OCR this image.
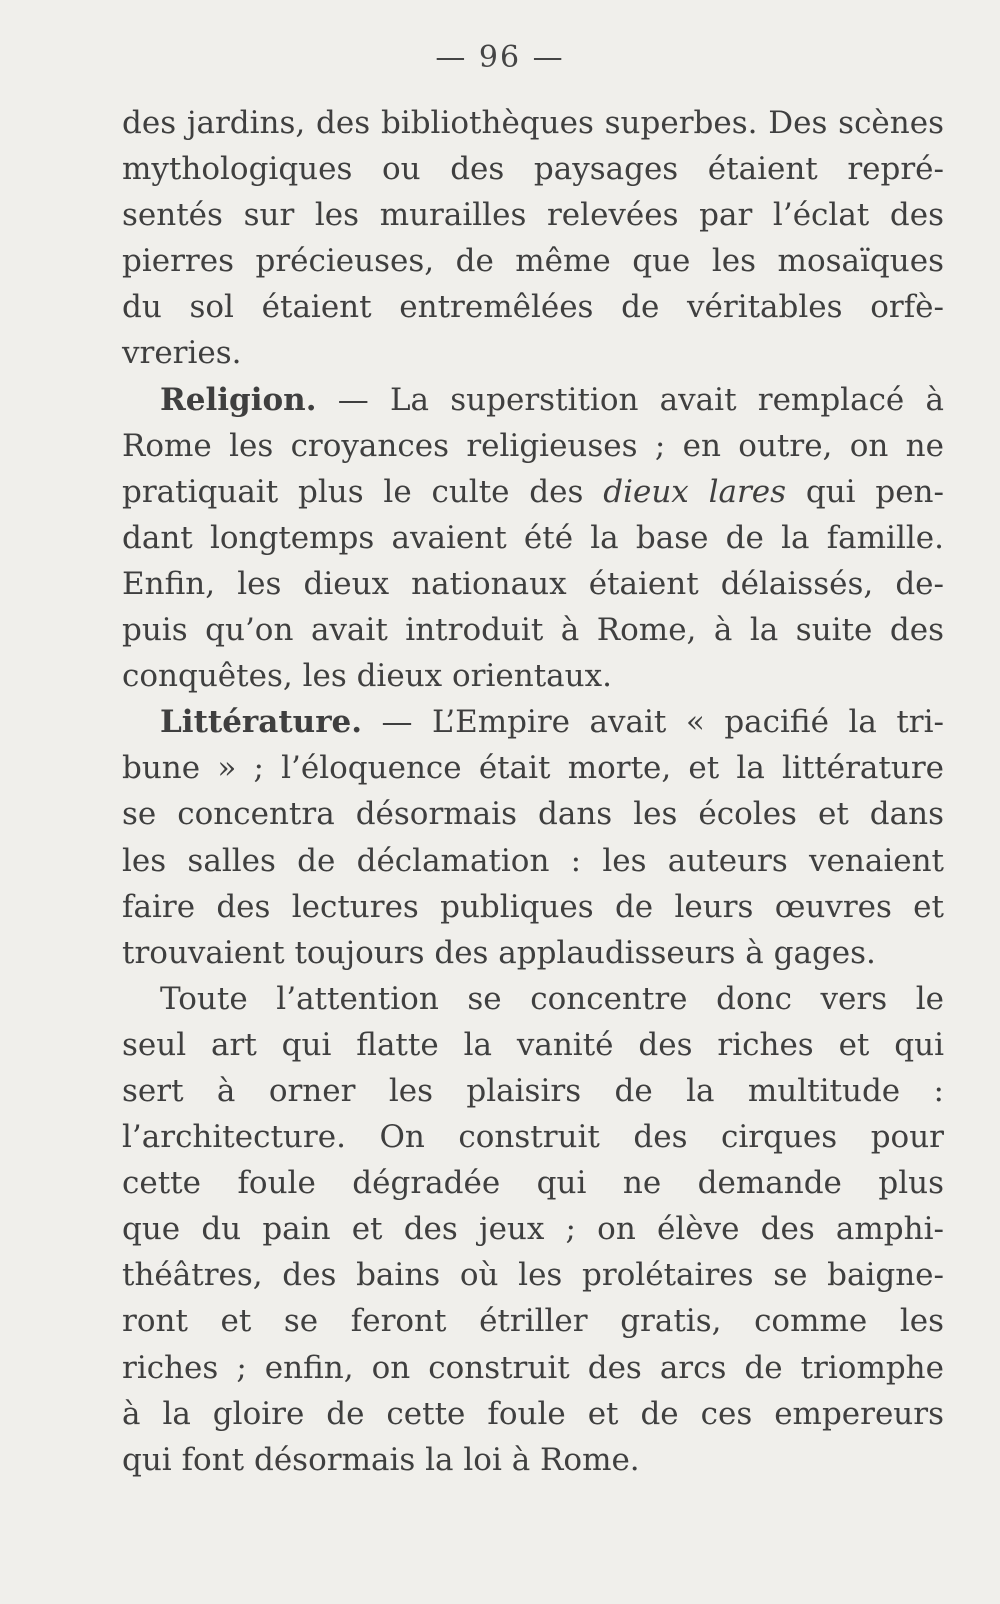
— 96 —
des jardins, des bibliothèques superbes. Des scènes
mythologiques ou des paysages étaient repré-
sentés sur les murailles relevées par l’éclat des
pierres précieuses, de même que les mosaïques
du sol étaient entremêlées de véritables orfè-
vreries.
Religion. — La superstition avait remplacé à
Rome les croyances religieuses ; en outre, on ne
pratiquait plus le culte des dieux lares qui pen-
dant longtemps avaient été la base de la famille.
Enfin, les dieux nationaux étaient délaissés, de-
puis qu’on avait introduit à Rome, à la suite des
conquêtes, les dieux orientaux.
Littérature. — L’Empire avait « pacifié la tri-
bune » ; l’éloquence était morte, et la littérature
se concentra désormais dans les écoles et dans
les salles de déclamation : les auteurs venaient
faire des lectures publiques de leurs œuvres et
trouvaient toujours des applaudisseurs à gages.
Toute l’attention se concentre donc vers le
seul art qui flatte la vanité des riches et qui
sert à orner les plaisirs de la multitude :
l’architecture. On construit des cirques pour
cette foule dégradée qui ne demande plus
que du pain et des jeux ; on élève des amphi-
théâtres, des bains où les prolétaires se baigne-
ront et se feront étriller gratis, comme les
riches ; enfin, on construit des arcs de triomphe
à la gloire de cette foule et de ces empereurs
qui font désormais la loi à Rome.
